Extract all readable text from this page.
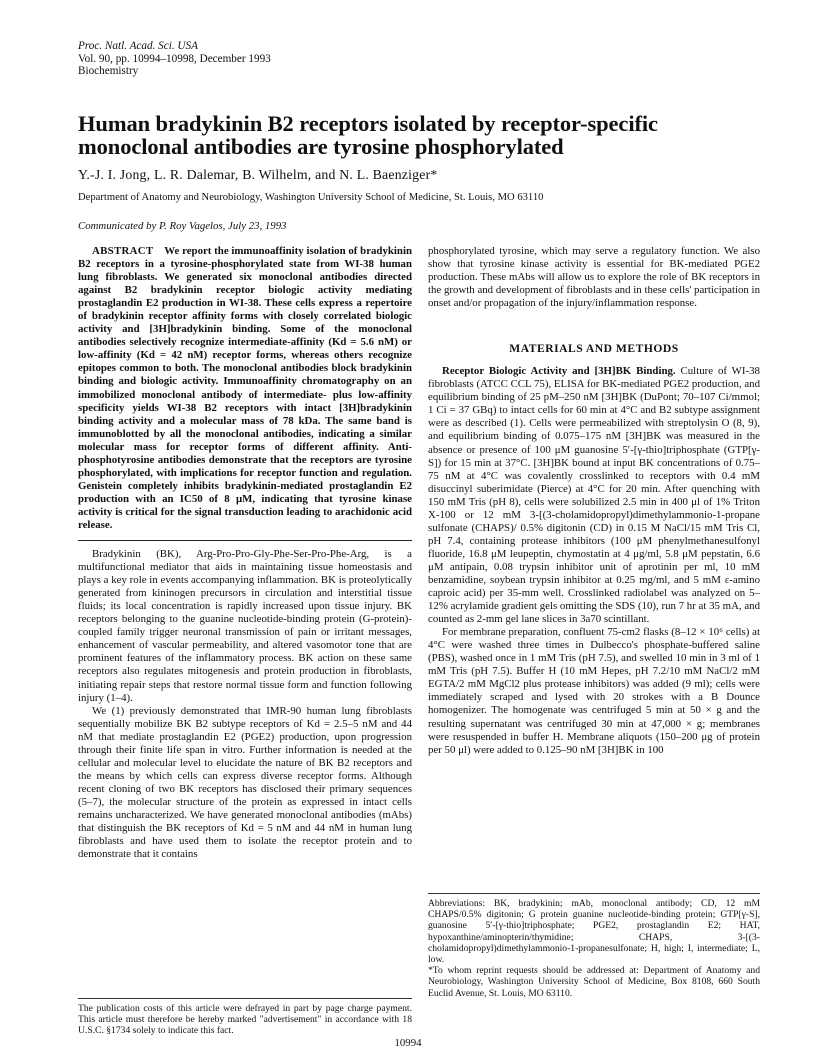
Proc. Natl. Acad. Sci. USA
Vol. 90, pp. 10994–10998, December 1993
Biochemistry
Human bradykinin B2 receptors isolated by receptor-specific monoclonal antibodies are tyrosine phosphorylated
Y.-J. I. Jong, L. R. Dalemar, B. Wilhelm, and N. L. Baenziger*
Department of Anatomy and Neurobiology, Washington University School of Medicine, St. Louis, MO 63110
Communicated by P. Roy Vagelos, July 23, 1993

ABSTRACT We report the immunoaffinity isolation of bradykinin B2 receptors in a tyrosine-phosphorylated state from WI-38 human lung fibroblasts. We generated six monoclonal antibodies directed against B2 bradykinin receptor biologic activity mediating prostaglandin E2 production in WI-38. These cells express a repertoire of bradykinin receptor affinity forms with closely correlated biologic activity and [3H]bradykinin binding. Some of the monoclonal antibodies selectively recognize intermediate-affinity (Kd = 5.6 nM) or low-affinity (Kd = 42 nM) receptor forms, whereas others recognize epitopes common to both. The monoclonal antibodies block bradykinin binding and biologic activity. Immunoaffinity chromatography on an immobilized monoclonal antibody of intermediate- plus low-affinity specificity yields WI-38 B2 receptors with intact [3H]bradykinin binding activity and a molecular mass of 78 kDa. The same band is immunoblotted by all the monoclonal antibodies, indicating a similar molecular mass for receptor forms of different affinity. Anti-phosphotyrosine antibodies demonstrate that the receptors are tyrosine phosphorylated, with implications for receptor function and regulation. Genistein completely inhibits bradykinin-mediated prostaglandin E2 production with an IC50 of 8 μM, indicating that tyrosine kinase activity is critical for the signal transduction leading to arachidonic acid release.

Bradykinin (BK), Arg-Pro-Pro-Gly-Phe-Ser-Pro-Phe-Arg, is a multifunctional mediator that aids in maintaining tissue homeostasis and plays a key role in events accompanying inflammation. BK is proteolytically generated from kininogen precursors in circulation and interstitial tissue fluids; its local concentration is rapidly increased upon tissue injury. BK receptors belonging to the guanine nucleotide-binding protein (G-protein)-coupled family trigger neuronal transmission of pain or irritant messages, enhancement of vascular permeability, and altered vasomotor tone that are prominent features of the inflammatory process. BK action on these same receptors also regulates mitogenesis and protein production in fibroblasts, initiating repair steps that restore normal tissue form and function following injury (1–4).

We (1) previously demonstrated that IMR-90 human lung fibroblasts sequentially mobilize BK B2 subtype receptors of Kd = 2.5–5 nM and 44 nM that mediate prostaglandin E2 (PGE2) production, upon progression through their finite life span in vitro. Further information is needed at the cellular and molecular level to elucidate the nature of BK B2 receptors and the means by which cells can express diverse receptor forms. Although recent cloning of two BK receptors has disclosed their primary sequences (5–7), the molecular structure of the protein as expressed in intact cells remains uncharacterized. We have generated monoclonal antibodies (mAbs) that distinguish the BK receptors of Kd = 5 nM and 44 nM in human lung fibroblasts and have used them to isolate the receptor protein and to demonstrate that it contains

phosphorylated tyrosine, which may serve a regulatory function. We also show that tyrosine kinase activity is essential for BK-mediated PGE2 production. These mAbs will allow us to explore the role of BK receptors in the growth and development of fibroblasts and in these cells' participation in onset and/or propagation of the injury/inflammation response.

MATERIALS AND METHODS

Receptor Biologic Activity and [3H]BK Binding. Culture of WI-38 fibroblasts (ATCC CCL 75), ELISA for BK-mediated PGE2 production, and equilibrium binding of 25 pM–250 nM [3H]BK (DuPont; 70–107 Ci/mmol; 1 Ci = 37 GBq) to intact cells for 60 min at 4°C and B2 subtype assignment were as described (1). Cells were permeabilized with streptolysin O (8, 9), and equilibrium binding of 0.075–175 nM [3H]BK was measured in the absence or presence of 100 μM guanosine 5′-[γ-thio]triphosphate (GTP[γ-S]) for 15 min at 37°C. [3H]BK bound at input BK concentrations of 0.75–75 nM at 4°C was covalently crosslinked to receptors with 0.4 mM disuccinyl suberimidate (Pierce) at 4°C for 20 min. After quenching with 150 mM Tris (pH 8), cells were solubilized 2.5 min in 400 μl of 1% Triton X-100 or 12 mM 3-[(3-cholamidopropyl)dimethylammonio-1-propane sulfonate (CHAPS)/ 0.5% digitonin (CD) in 0.15 M NaCl/15 mM Tris Cl, pH 7.4, containing protease inhibitors (100 μM phenylmethanesulfonyl fluoride, 16.8 μM leupeptin, chymostatin at 4 μg/ml, 5.8 μM pepstatin, 6.6 μM antipain, 0.08 trypsin inhibitor unit of aprotinin per ml, 10 mM benzamidine, soybean trypsin inhibitor at 0.25 mg/ml, and 5 mM ε-amino caproic acid) per 35-mm well. Crosslinked radiolabel was analyzed on 5–12% acrylamide gradient gels omitting the SDS (10), run 7 hr at 35 mA, and counted as 2-mm gel lane slices in 3a70 scintillant.

For membrane preparation, confluent 75-cm2 flasks (8–12 × 10⁶ cells) at 4°C were washed three times in Dulbecco's phosphate-buffered saline (PBS), washed once in 1 mM Tris (pH 7.5), and swelled 10 min in 3 ml of 1 mM Tris (pH 7.5). Buffer H (10 mM Hepes, pH 7.2/10 mM NaCl/2 mM EGTA/2 mM MgCl2 plus protease inhibitors) was added (9 ml); cells were immediately scraped and lysed with 20 strokes with a B Dounce homogenizer. The homogenate was centrifuged 5 min at 50 × g and the resulting supernatant was centrifuged 30 min at 47,000 × g; membranes were resuspended in buffer H. Membrane aliquots (150–200 μg of protein per 50 μl) were added to 0.125–90 nM [3H]BK in 100

Abbreviations: BK, bradykinin; mAb, monoclonal antibody; CD, 12 mM CHAPS/0.5% digitonin; G protein guanine nucleotide-binding protein; GTP[γ-S], guanosine 5′-[γ-thio]triphosphate; PGE2, prostaglandin E2; HAT, hypoxanthine/aminopterin/thymidine; CHAPS, 3-[(3-cholamidopropyl)dimethylammonio-1-propanesulfonate; H, high; I, intermediate; L, low.

*To whom reprint requests should be addressed at: Department of Anatomy and Neurobiology, Washington University School of Medicine, Box 8108, 660 South Euclid Avenue, St. Louis, MO 63110.

The publication costs of this article were defrayed in part by page charge payment. This article must therefore be hereby marked "advertisement" in accordance with 18 U.S.C. §1734 solely to indicate this fact.

10994
